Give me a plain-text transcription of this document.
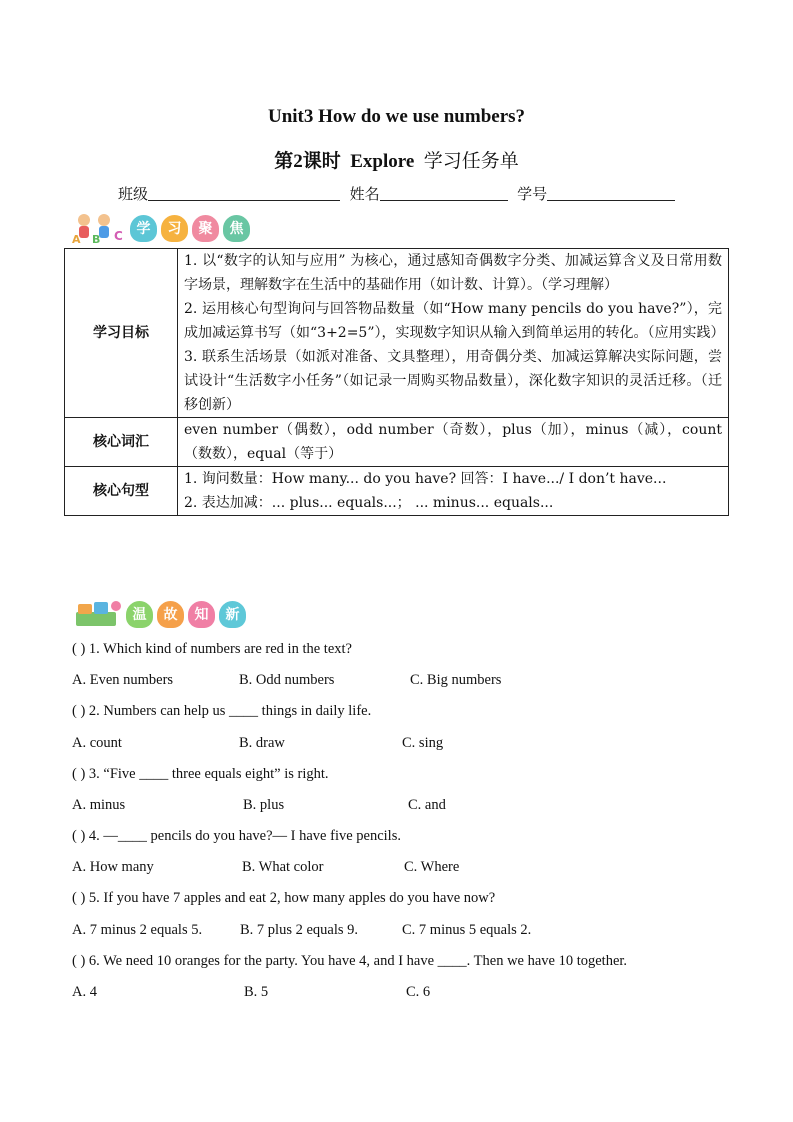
Unit3 How do we use numbers?
第2课时 Explore 学习任务单
班级	姓名	学号
A B C 学	习	聚	焦
学习目标	1. 以“数字的认知与应用” 为核心，通过感知奇偶数字分类、加减运算含义及日常用数字场景，理解数字在生活中的基础作用（如计数、计算）。（学习理解）
2. 运用核心句型询问与回答物品数量（如“How many pencils do you have?”），完成加减运算书写（如“3+2=5”），实现数字知识从输入到简单运用的转化。（应用实践）
3. 联系生活场景（如派对准备、文具整理），用奇偶分类、加减运算解决实际问题，尝试设计“生活数字小任务”（如记录一周购买物品数量），深化数字知识的灵活迁移。（迁移创新）

核心词汇	even number（偶数），odd number（奇数），plus（加），minus（减），count（数数），equal（等于）

核心句型	1. 询问数量：How many... do you have? 回答：I have.../ I don’t have...
2. 表达加减：... plus... equals...； ... minus... equals...
温	故	知	新
( ) 1. Which kind of numbers are red in the text?
A. Even numbers	B. Odd numbers	C. Big numbers
( ) 2. Numbers can help us ____ things in daily life.
A. count	B. draw	C. sing
( ) 3. “Five ____ three equals eight” is right.
A. minus	B. plus	C. and
( ) 4. —____ pencils do you have?— I have five pencils.
A. How many	B. What color	C. Where
( ) 5. If you have 7 apples and eat 2, how many apples do you have now?
A. 7 minus 2 equals 5.	B. 7 plus 2 equals 9.	C. 7 minus 5 equals 2.
( ) 6. We need 10 oranges for the party. You have 4, and I have ____. Then we have 10 together.
A. 4	B. 5	C. 6
